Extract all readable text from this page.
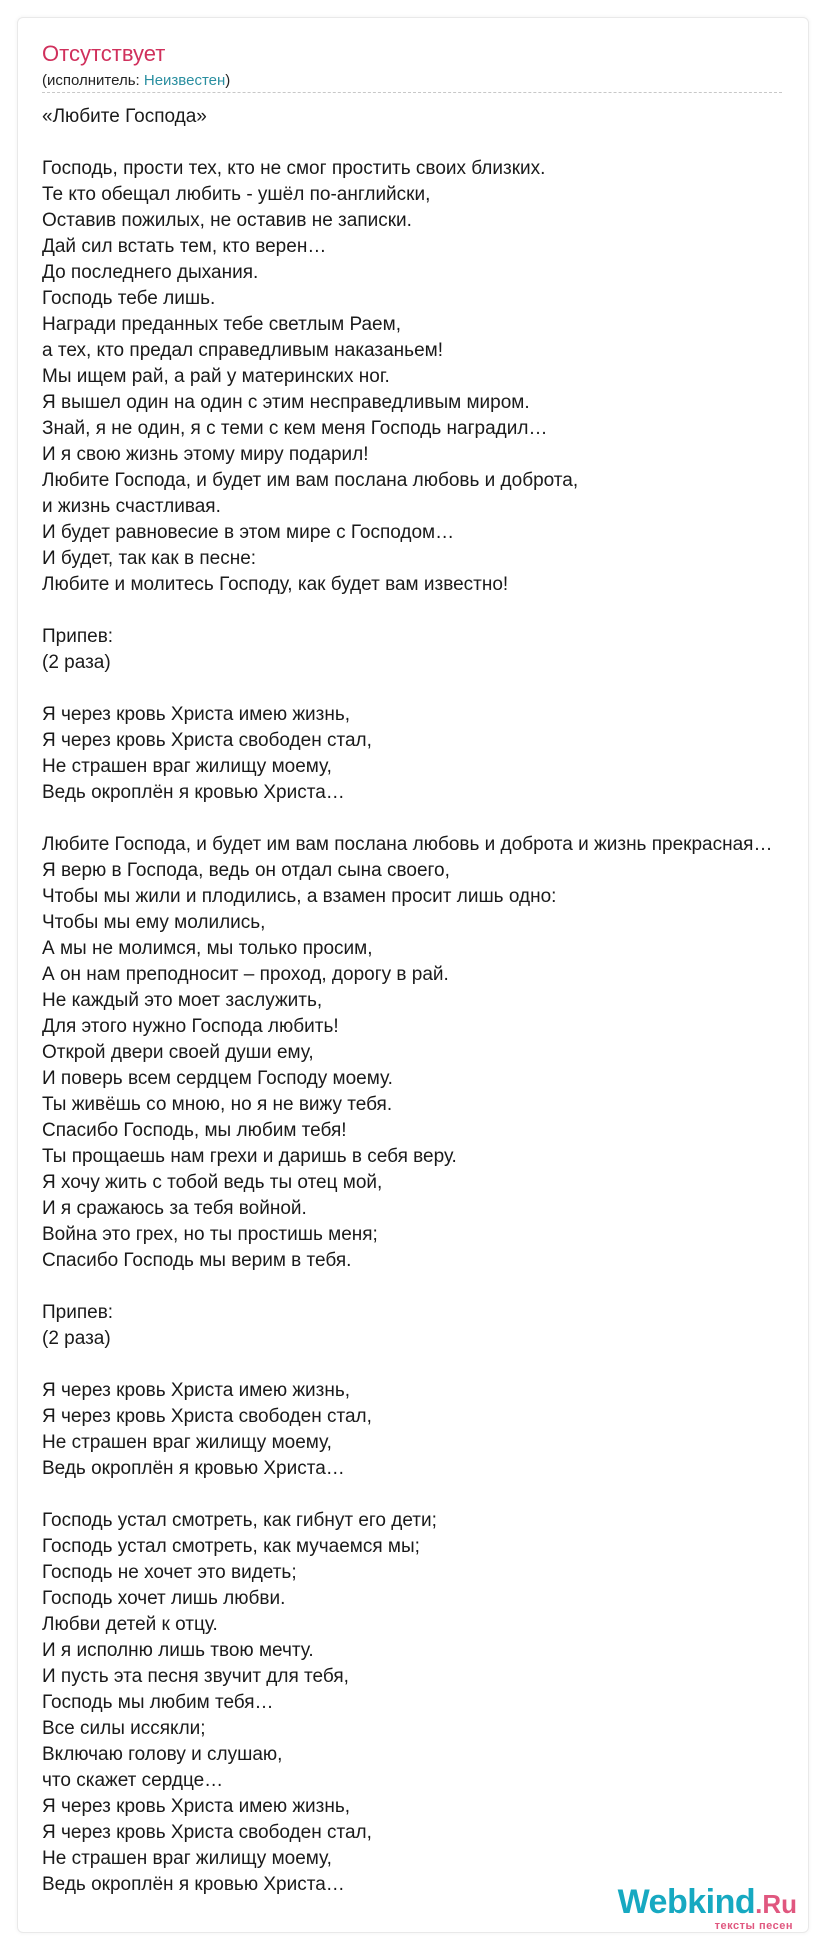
Отсутствует
(исполнитель: Неизвестен)
«Любите Господа»
Господь, прости тех, кто не смог простить своих близких.
Те кто обещал любить - ушёл по-английски,
Оставив пожилых, не оставив не записки.
Дай сил встать тем, кто верен…
До последнего дыхания.
Господь тебе лишь.
Награди преданных тебе светлым Раем,
а тех, кто предал справедливым наказаньем!
Мы ищем рай, а рай у материнских ног.
Я вышел один на один с этим несправедливым миром.
Знай, я не один, я с теми с кем меня Господь наградил…
И я свою жизнь этому миру подарил!
Любите Господа, и будет им вам послана любовь и доброта,
и жизнь счастливая.
И будет равновесие в этом мире с Господом…
И будет, так как в песне:
Любите и молитесь Господу, как будет вам известно!
Припев:
(2 раза)
Я через кровь Христа имею жизнь,
Я через кровь Христа свободен стал,
Не страшен враг жилищу моему,
Ведь окроплён я кровью Христа…
Любите Господа, и будет им вам послана любовь и доброта и жизнь прекрасная…
Я верю в Господа, ведь он отдал сына своего,
Чтобы мы жили и плодились, а взамен просит лишь одно:
Чтобы мы ему молились,
А мы не молимся, мы только просим,
А он нам преподносит – проход, дорогу в рай.
Не каждый это моет заслужить,
Для этого нужно Господа любить!
Открой двери своей души ему,
И поверь всем сердцем Господу моему.
Ты живёшь со мною, но я не вижу тебя.
Спасибо Господь, мы любим тебя!
Ты прощаешь нам грехи и даришь в себя веру.
Я хочу жить с тобой ведь ты отец мой,
И я сражаюсь за тебя войной.
Война это грех, но ты простишь меня;
Спасибо Господь мы верим в тебя.
Припев:
(2 раза)
Я через кровь Христа имею жизнь,
Я через кровь Христа свободен стал,
Не страшен враг жилищу моему,
Ведь окроплён я кровью Христа…
Господь устал смотреть, как гибнут его дети;
Господь устал смотреть, как мучаемся мы;
Господь не хочет это видеть;
Господь хочет лишь любви.
Любви детей к отцу.
И я исполню лишь твою мечту.
И пусть эта песня звучит для тебя,
Господь мы любим тебя…
Все силы иссякли;
Включаю голову и слушаю,
что скажет сердце…
Я через кровь Христа имею жизнь,
Я через кровь Христа свободен стал,
Не страшен враг жилищу моему,
Ведь окроплён я кровью Христа…	Webkind.Ru
тексты песен
